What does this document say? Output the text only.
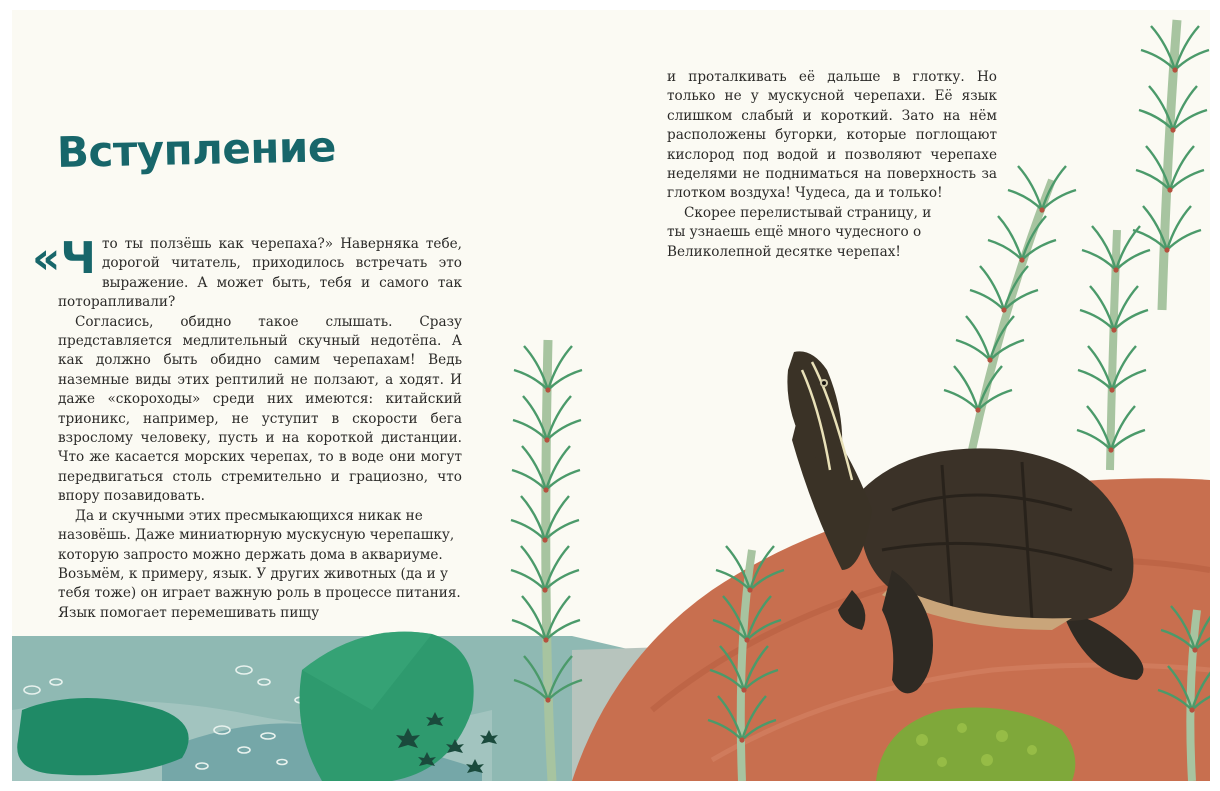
Вступление

«Что ты ползёшь как черепаха?» Наверняка тебе, дорогой читатель, приходилось встречать это выражение. А может быть, тебя и самого так поторапливали?

Согласись, обидно такое слышать. Сразу представляется медлительный скучный недотёпа. А как должно быть обидно самим черепахам! Ведь наземные виды этих рептилий не ползают, а ходят. И даже «скороходы» среди них имеются: китайский трионикс, например, не уступит в скорости бега взрослому человеку, пусть и на короткой дистанции. Что же касается морских черепах, то в воде они могут передвигаться столь стремительно и грациозно, что впору позавидовать.

Да и скучными этих пресмыкающихся никак не назовёшь. Даже миниатюрную мускусную черепашку, которую запросто можно держать дома в аквариуме. Возьмём, к примеру, язык. У других животных (да и у тебя тоже) он играет важную роль в процессе питания. Язык помогает перемешивать пищу

и проталкивать её дальше в глотку. Но только не у мускусной черепахи. Её язык слишком слабый и короткий. Зато на нём расположены бугорки, которые поглощают кислород под водой и позволяют черепахе неделями не подниматься на поверхность за глотком воздуха! Чудеса, да и только!

Скорее перелистывай страницу, и ты узнаешь ещё много чудесного о Великолепной десятке черепах!
